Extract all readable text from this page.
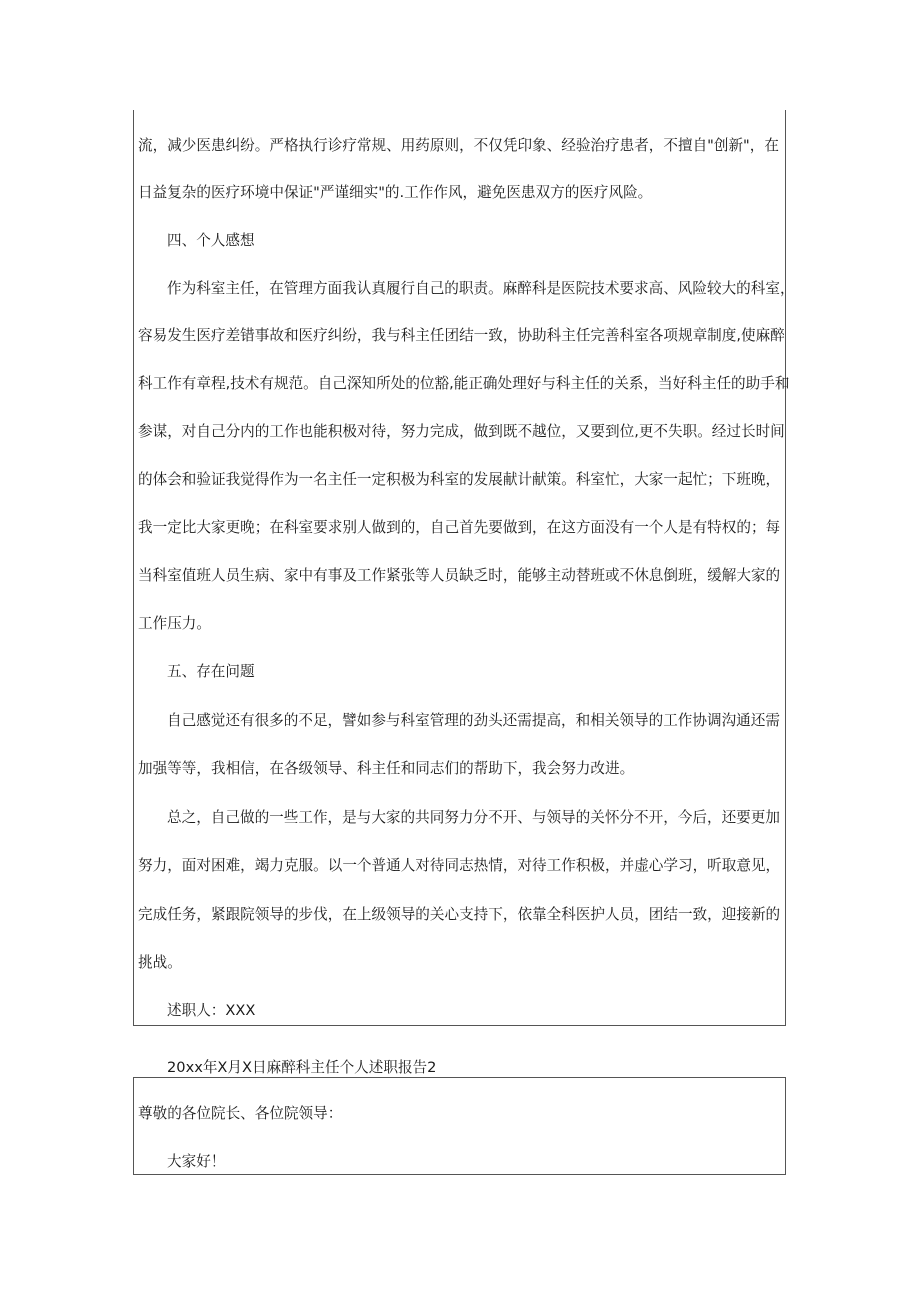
流，减少医患纠纷。严格执行诊疗常规、用药原则，不仅凭印象、经验治疗患者，不擅自"创新"，在
日益复杂的医疗环境中保证"严谨细实"的.工作作风，避免医患双方的医疗风险。
四、个人感想
作为科室主任，在管理方面我认真履行自己的职责。麻醉科是医院技术要求高、风险较大的科室，
容易发生医疗差错事故和医疗纠纷，我与科主任团结一致，协助科主任完善科室各项规章制度,使麻醉
科工作有章程,技术有规范。自己深知所处的位豁,能正确处理好与科主任的关系，当好科主任的助手和
参谋，对自己分内的工作也能积极对待，努力完成，做到既不越位，又要到位,更不失职。经过长时间
的体会和验证我觉得作为一名主任一定积极为科室的发展献计献策。科室忙，大家一起忙；下班晚，
我一定比大家更晚；在科室要求别人做到的，自己首先要做到，在这方面没有一个人是有特权的；每
当科室值班人员生病、家中有事及工作紧张等人员缺乏时，能够主动替班或不休息倒班，缓解大家的
工作压力。
五、存在问题
自己感觉还有很多的不足，譬如参与科室管理的劲头还需提高，和相关领导的工作协调沟通还需
加强等等，我相信，在各级领导、科主任和同志们的帮助下，我会努力改进。
总之，自己做的一些工作，是与大家的共同努力分不开、与领导的关怀分不开，今后，还要更加
努力，面对困难，竭力克服。以一个普通人对待同志热情，对待工作积极，并虚心学习，听取意见，
完成任务，紧跟院领导的步伐，在上级领导的关心支持下，依靠全科医护人员，团结一致，迎接新的
挑战。
述职人：XXX
20xx年X月X日麻醉科主任个人述职报告2
尊敬的各位院长、各位院领导：
大家好！
